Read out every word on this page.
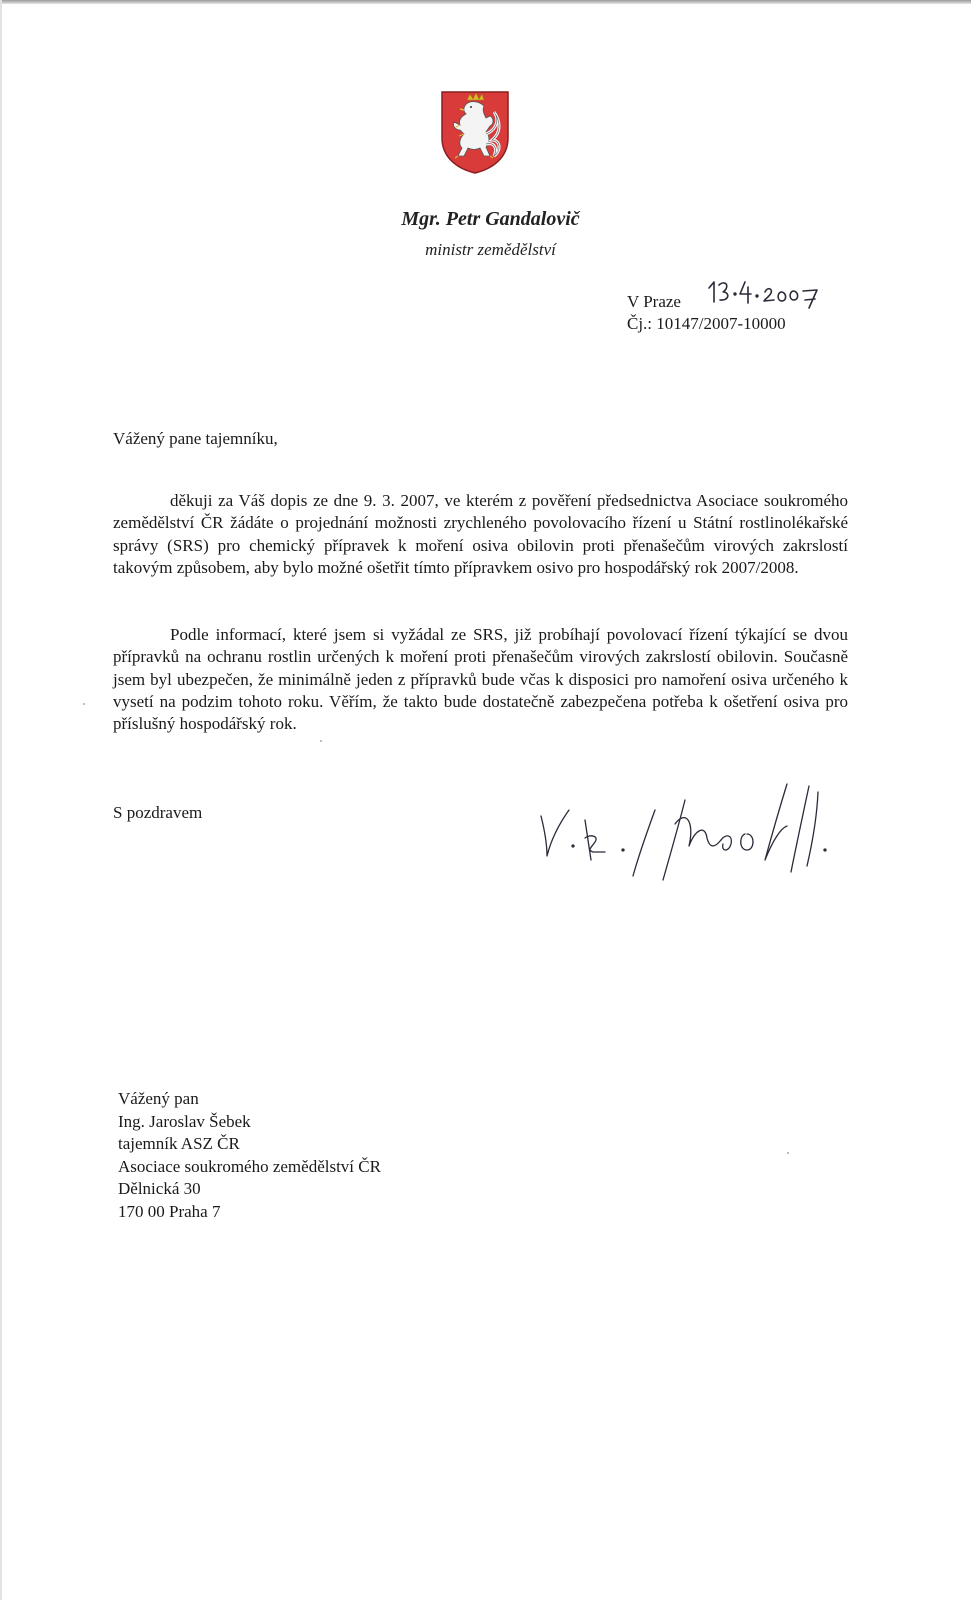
Mgr. Petr Gandalovič
ministr zemědělství
V Praze
Čj.: 10147/2007-10000
Vážený pane tajemníku,

děkuji za Váš dopis ze dne 9. 3. 2007, ve kterém z pověření předsednictva Asociace soukromého zemědělství ČR žádáte o projednání možnosti zrychleného povolovacího řízení u Státní rostlinolékařské správy (SRS) pro chemický přípravek k moření osiva obilovin proti přenašečům virových zakrslostí takovým způsobem, aby bylo možné ošetřit tímto přípravkem osivo pro hospodářský rok 2007/2008.

Podle informací, které jsem si vyžádal ze SRS, již probíhají povolovací řízení týkající se dvou přípravků na ochranu rostlin určených k moření proti přenašečům virových zakrslostí obilovin. Současně jsem byl ubezpečen, že minimálně jeden z přípravků bude včas k disposici pro namoření osiva určeného k vysetí na podzim tohoto roku. Věřím, že takto bude dostatečně zabezpečena potřeba k ošetření osiva pro příslušný hospodářský rok.

S pozdravem
Vážený pan
Ing. Jaroslav Šebek
tajemník ASZ ČR
Asociace soukromého zemědělství ČR
Dělnická 30
170 00 Praha 7
